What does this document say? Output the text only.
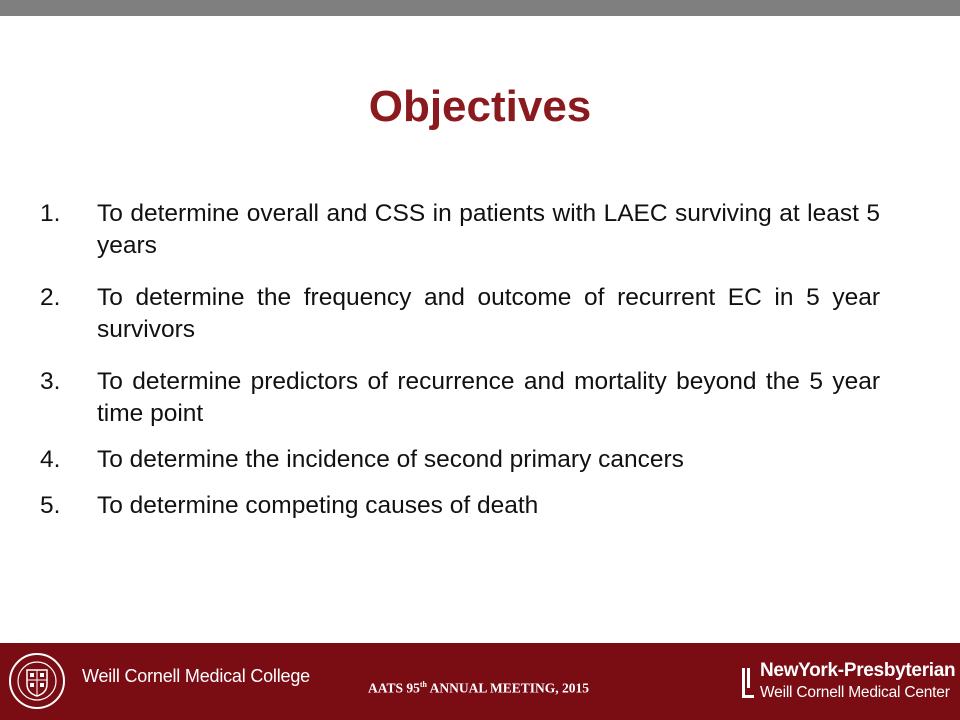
Objectives
1.	To determine overall and CSS in patients with LAEC surviving at least 5 years
2.	To determine the frequency and outcome of recurrent EC in 5 year survivors
3.	To determine predictors of recurrence and mortality beyond the 5 year time point
4.	To determine the incidence of second primary cancers
5.	To determine competing causes of death
Weill Cornell Medical College
AATS 95th ANNUAL MEETING, 2015
NewYork-Presbyterian
Weill Cornell Medical Center
